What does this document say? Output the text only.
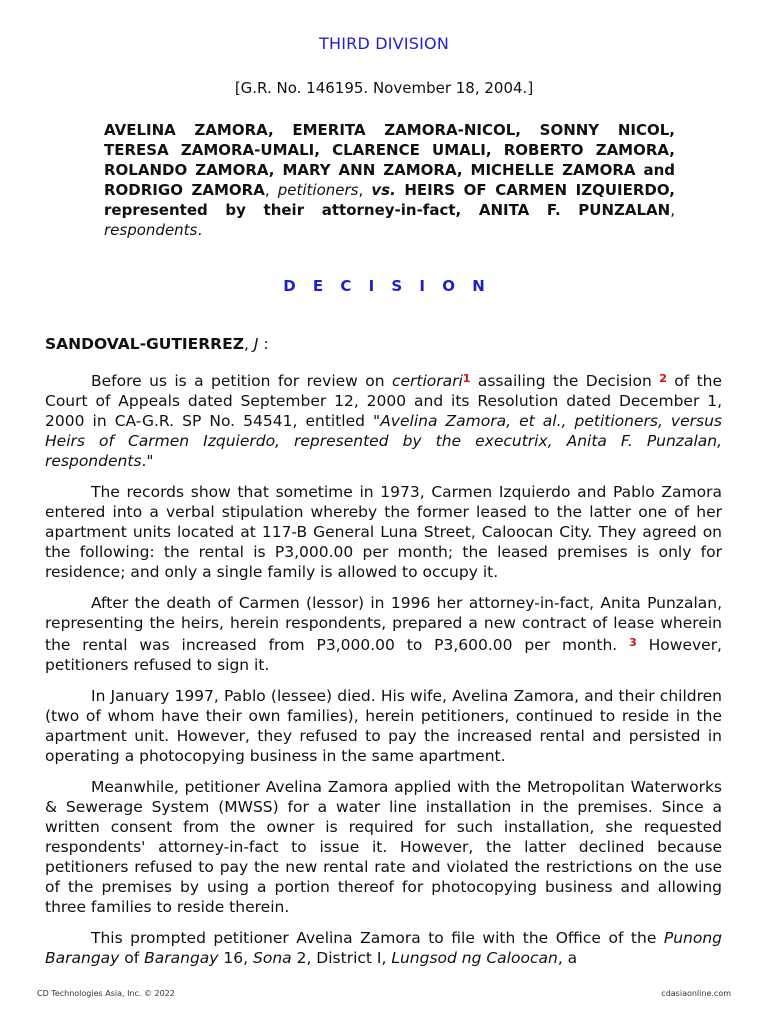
THIRD DIVISION
[G.R. No. 146195. November 18, 2004.]
AVELINA ZAMORA, EMERITA ZAMORA-NICOL, SONNY NICOL, TERESA ZAMORA-UMALI, CLARENCE UMALI, ROBERTO ZAMORA, ROLANDO ZAMORA, MARY ANN ZAMORA, MICHELLE ZAMORA and RODRIGO ZAMORA, petitioners, vs. HEIRS OF CARMEN IZQUIERDO, represented by their attorney-in-fact, ANITA F. PUNZALAN, respondents.
D E C I S I O N
SANDOVAL-GUTIERREZ, J :

Before us is a petition for review on certiorari$^1$ assailing the Decision $^2$ of the Court of Appeals dated September 12, 2000 and its Resolution dated December 1, 2000 in CA-G.R. SP No. 54541, entitled "Avelina Zamora, et al., petitioners, versus Heirs of Carmen Izquierdo, represented by the executrix, Anita F. Punzalan, respondents."

The records show that sometime in 1973, Carmen Izquierdo and Pablo Zamora entered into a verbal stipulation whereby the former leased to the latter one of her apartment units located at 117-B General Luna Street, Caloocan City. They agreed on the following: the rental is P3,000.00 per month; the leased premises is only for residence; and only a single family is allowed to occupy it.

After the death of Carmen (lessor) in 1996 her attorney-in-fact, Anita Punzalan, representing the heirs, herein respondents, prepared a new contract of lease wherein the rental was increased from P3,000.00 to P3,600.00 per month. $^3$ However, petitioners refused to sign it.

In January 1997, Pablo (lessee) died. His wife, Avelina Zamora, and their children (two of whom have their own families), herein petitioners, continued to reside in the apartment unit. However, they refused to pay the increased rental and persisted in operating a photocopying business in the same apartment.

Meanwhile, petitioner Avelina Zamora applied with the Metropolitan Waterworks & Sewerage System (MWSS) for a water line installation in the premises. Since a written consent from the owner is required for such installation, she requested respondents' attorney-in-fact to issue it. However, the latter declined because petitioners refused to pay the new rental rate and violated the restrictions on the use of the premises by using a portion thereof for photocopying business and allowing three families to reside therein.

This prompted petitioner Avelina Zamora to file with the Office of the Punong Barangay of Barangay 16, Sona 2, District I, Lungsod ng Caloocan, a

CD Technologies Asia, Inc. © 2022	cdasiaonline.com
